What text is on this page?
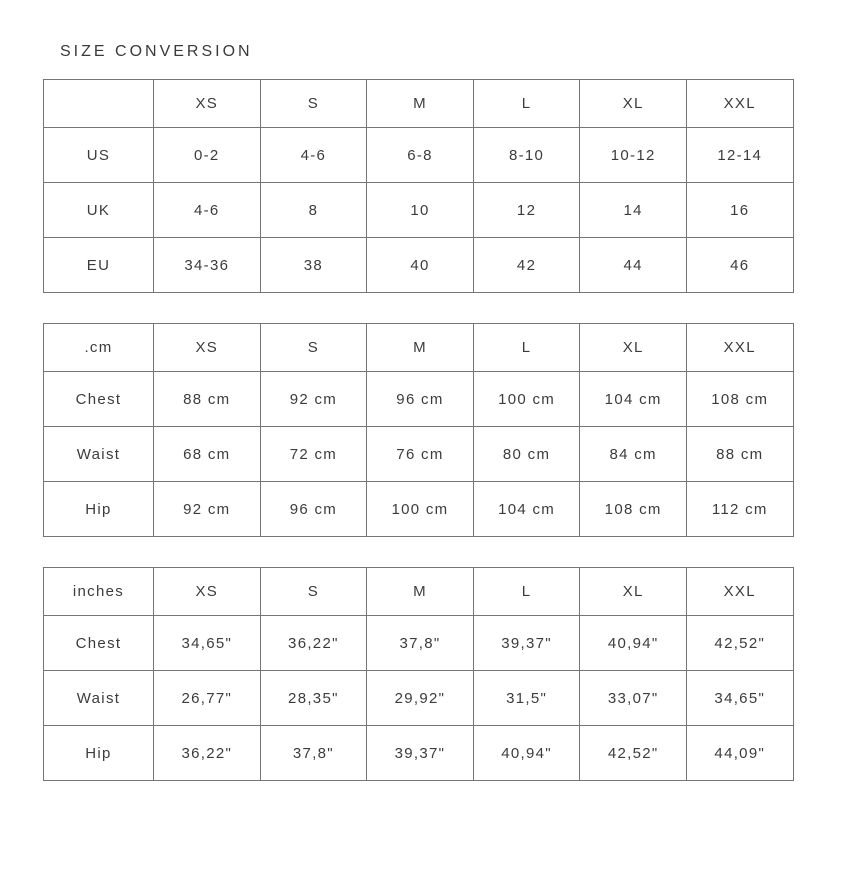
SIZE CONVERSION
	XS	S	M	L	XL	XXL
US	0-2	4-6	6-8	8-10	10-12	12-14
UK	4-6	8	10	12	14	16
EU	34-36	38	40	42	44	46
.cm	XS	S	M	L	XL	XXL
Chest	88 cm	92 cm	96 cm	100 cm	104 cm	108 cm
Waist	68 cm	72 cm	76 cm	80 cm	84 cm	88 cm
Hip	92 cm	96 cm	100 cm	104 cm	108 cm	112 cm
inches	XS	S	M	L	XL	XXL
Chest	34,65"	36,22"	37,8"	39,37"	40,94"	42,52"
Waist	26,77"	28,35"	29,92"	31,5"	33,07"	34,65"
Hip	36,22"	37,8"	39,37"	40,94"	42,52"	44,09"
